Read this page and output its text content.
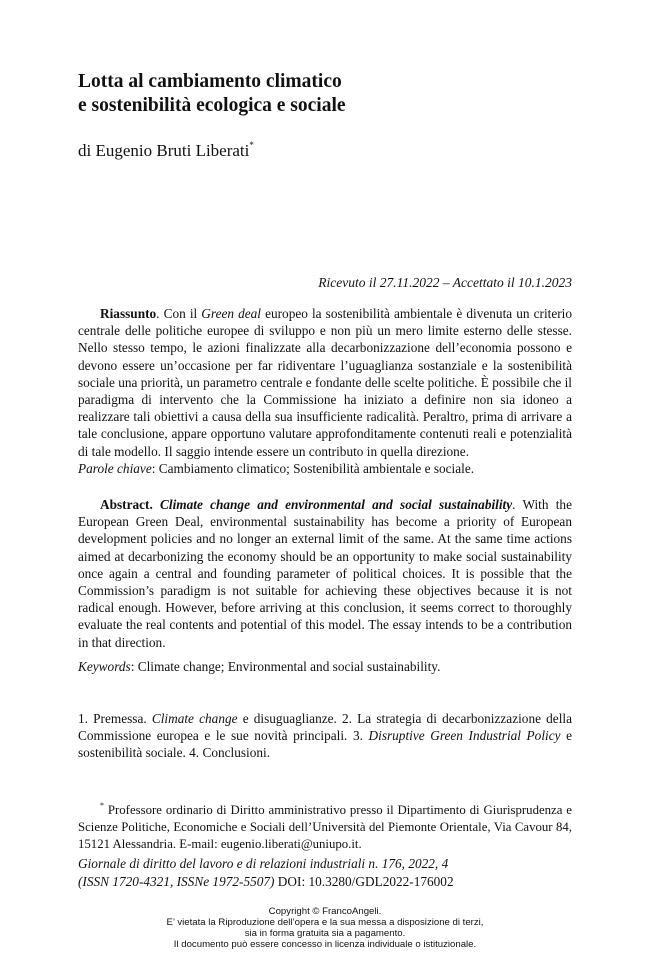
Lotta al cambiamento climatico
e sostenibilità ecologica e sociale
di Eugenio Bruti Liberati*
Ricevuto il 27.11.2022 – Accettato il 10.1.2023
Riassunto. Con il Green deal europeo la sostenibilità ambientale è divenuta un criterio centrale delle politiche europee di sviluppo e non più un mero limite esterno delle stesse. Nello stesso tempo, le azioni finalizzate alla decarbonizzazione dell’economia possono e devono essere un’occasione per far ridiventare l’uguaglianza sostanziale e la sostenibilità sociale una priorità, un parametro centrale e fondante delle scelte politiche. È possibile che il paradigma di intervento che la Commissione ha iniziato a definire non sia idoneo a realizzare tali obiettivi a causa della sua insufficiente radicalità. Peraltro, prima di arrivare a tale conclusione, appare opportuno valutare approfonditamente contenuti reali e potenzialità di tale modello. Il saggio intende essere un contributo in quella direzione.
Parole chiave: Cambiamento climatico; Sostenibilità ambientale e sociale.
Abstract. Climate change and environmental and social sustainability. With the European Green Deal, environmental sustainability has become a priority of European development policies and no longer an external limit of the same. At the same time actions aimed at decarbonizing the economy should be an opportunity to make social sustainability once again a central and founding parameter of political choices. It is possible that the Commission’s paradigm is not suitable for achieving these objectives because it is not radical enough. However, before arriving at this conclusion, it seems correct to thoroughly evaluate the real contents and potential of this model. The essay intends to be a contribution in that direction.
Keywords: Climate change; Environmental and social sustainability.
1. Premessa. Climate change e disuguaglianze. 2. La strategia di decarbonizzazione della Commissione europea e le sue novità principali. 3. Disruptive Green Industrial Policy e sostenibilità sociale. 4. Conclusioni.
* Professore ordinario di Diritto amministrativo presso il Dipartimento di Giurisprudenza e Scienze Politiche, Economiche e Sociali dell’Università del Piemonte Orientale, Via Cavour 84, 15121 Alessandria. E-mail: eugenio.liberati@uniupo.it.
Giornale di diritto del lavoro e di relazioni industriali n. 176, 2022, 4
(ISSN 1720-4321, ISSNe 1972-5507) DOI: 10.3280/GDL2022-176002
Copyright © FrancoAngeli.
E’ vietata la Riproduzione dell’opera e la sua messa a disposizione di terzi,
sia in forma gratuita sia a pagamento.
Il documento può essere concesso in licenza individuale o istituzionale.
